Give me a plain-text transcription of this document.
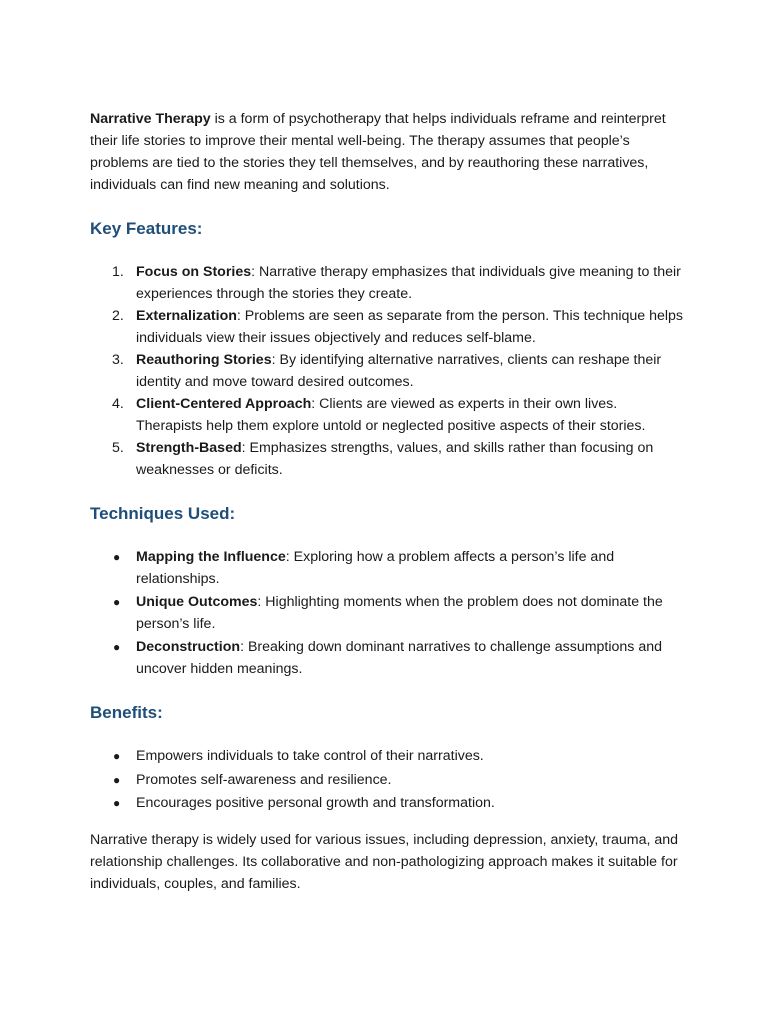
Narrative Therapy is a form of psychotherapy that helps individuals reframe and reinterpret their life stories to improve their mental well-being. The therapy assumes that people’s problems are tied to the stories they tell themselves, and by reauthoring these narratives, individuals can find new meaning and solutions.

Key Features:
1. Focus on Stories: Narrative therapy emphasizes that individuals give meaning to their experiences through the stories they create.
2. Externalization: Problems are seen as separate from the person. This technique helps individuals view their issues objectively and reduces self-blame.
3. Reauthoring Stories: By identifying alternative narratives, clients can reshape their identity and move toward desired outcomes.
4. Client-Centered Approach: Clients are viewed as experts in their own lives. Therapists help them explore untold or neglected positive aspects of their stories.
5. Strength-Based: Emphasizes strengths, values, and skills rather than focusing on weaknesses or deficits.
Techniques Used:
●	Mapping the Influence: Exploring how a problem affects a person’s life and relationships.
●	Unique Outcomes: Highlighting moments when the problem does not dominate the person’s life.
●	Deconstruction: Breaking down dominant narratives to challenge assumptions and uncover hidden meanings.
Benefits:
●	Empowers individuals to take control of their narratives.
●	Promotes self-awareness and resilience.
●	Encourages positive personal growth and transformation.

Narrative therapy is widely used for various issues, including depression, anxiety, trauma, and relationship challenges. Its collaborative and non-pathologizing approach makes it suitable for individuals, couples, and families.
